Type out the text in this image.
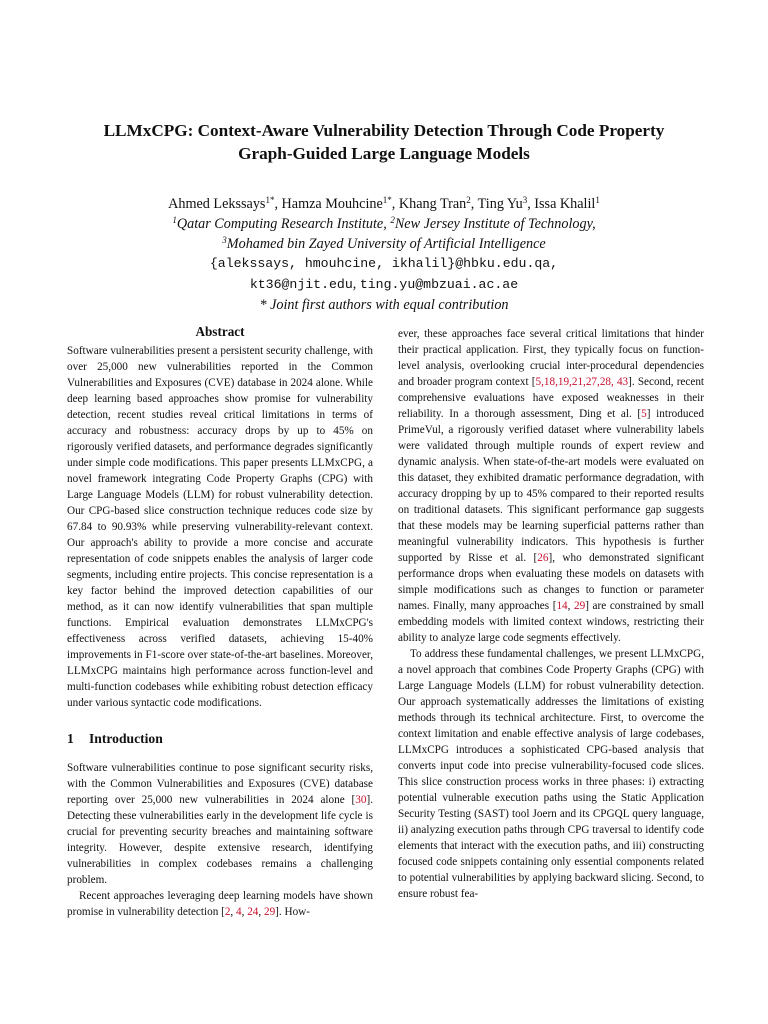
LLMxCPG: Context-Aware Vulnerability Detection Through Code Property
Graph-Guided Large Language Models
Ahmed Lekssays$^{1*}$, Hamza Mouhcine$^{1*}$, Khang Tran$^2$, Ting Yu$^3$, Issa Khalil$^1$
$^1$Qatar Computing Research Institute, $^2$New Jersey Institute of Technology,
$^3$Mohamed bin Zayed University of Artificial Intelligence
{alekssays, hmouhcine, ikhalil}@hbku.edu.qa,
kt36@njit.edu, ting.yu@mbzuai.ac.ae
* Joint first authors with equal contribution
Abstract

Software vulnerabilities present a persistent security challenge, with over 25,000 new vulnerabilities reported in the Common Vulnerabilities and Exposures (CVE) database in 2024 alone. While deep learning based approaches show promise for vulnerability detection, recent studies reveal critical limitations in terms of accuracy and robustness: accuracy drops by up to 45% on rigorously verified datasets, and performance degrades significantly under simple code modifications. This paper presents LLMxCPG, a novel framework integrating Code Property Graphs (CPG) with Large Language Models (LLM) for robust vulnerability detection. Our CPG-based slice construction technique reduces code size by 67.84 to 90.93% while preserving vulnerability-relevant context. Our approach's ability to provide a more concise and accurate representation of code snippets enables the analysis of larger code segments, including entire projects. This concise representation is a key factor behind the improved detection capabilities of our method, as it can now identify vulnerabilities that span multiple functions. Empirical evaluation demonstrates LLMxCPG's effectiveness across verified datasets, achieving 15-40% improvements in F1-score over state-of-the-art baselines. Moreover, LLMxCPG maintains high performance across function-level and multi-function codebases while exhibiting robust detection efficacy under various syntactic code modifications.

1 Introduction

Software vulnerabilities continue to pose significant security risks, with the Common Vulnerabilities and Exposures (CVE) database reporting over 25,000 new vulnerabilities in 2024 alone [30]. Detecting these vulnerabilities early in the development life cycle is crucial for preventing security breaches and maintaining software integrity. However, despite extensive research, identifying vulnerabilities in complex codebases remains a challenging problem.

Recent approaches leveraging deep learning models have shown promise in vulnerability detection [2, 4, 24, 29]. How-

ever, these approaches face several critical limitations that hinder their practical application. First, they typically focus on function-level analysis, overlooking crucial inter-procedural dependencies and broader program context [5,18,19,21,27,28, 43]. Second, recent comprehensive evaluations have exposed weaknesses in their reliability. In a thorough assessment, Ding et al. [5] introduced PrimeVul, a rigorously verified dataset where vulnerability labels were validated through multiple rounds of expert review and dynamic analysis. When state-of-the-art models were evaluated on this dataset, they exhibited dramatic performance degradation, with accuracy dropping by up to 45% compared to their reported results on traditional datasets. This significant performance gap suggests that these models may be learning superficial patterns rather than meaningful vulnerability indicators. This hypothesis is further supported by Risse et al. [26], who demonstrated significant performance drops when evaluating these models on datasets with simple modifications such as changes to function or parameter names. Finally, many approaches [14, 29] are constrained by small embedding models with limited context windows, restricting their ability to analyze large code segments effectively.

To address these fundamental challenges, we present LLMxCPG, a novel approach that combines Code Property Graphs (CPG) with Large Language Models (LLM) for robust vulnerability detection. Our approach systematically addresses the limitations of existing methods through its technical architecture. First, to overcome the context limitation and enable effective analysis of large codebases, LLMxCPG introduces a sophisticated CPG-based analysis that converts input code into precise vulnerability-focused code slices. This slice construction process works in three phases: i) extracting potential vulnerable execution paths using the Static Application Security Testing (SAST) tool Joern and its CPGQL query language, ii) analyzing execution paths through CPG traversal to identify code elements that interact with the execution paths, and iii) constructing focused code snippets containing only essential components related to potential vulnerabilities by applying backward slicing. Second, to ensure robust fea-
